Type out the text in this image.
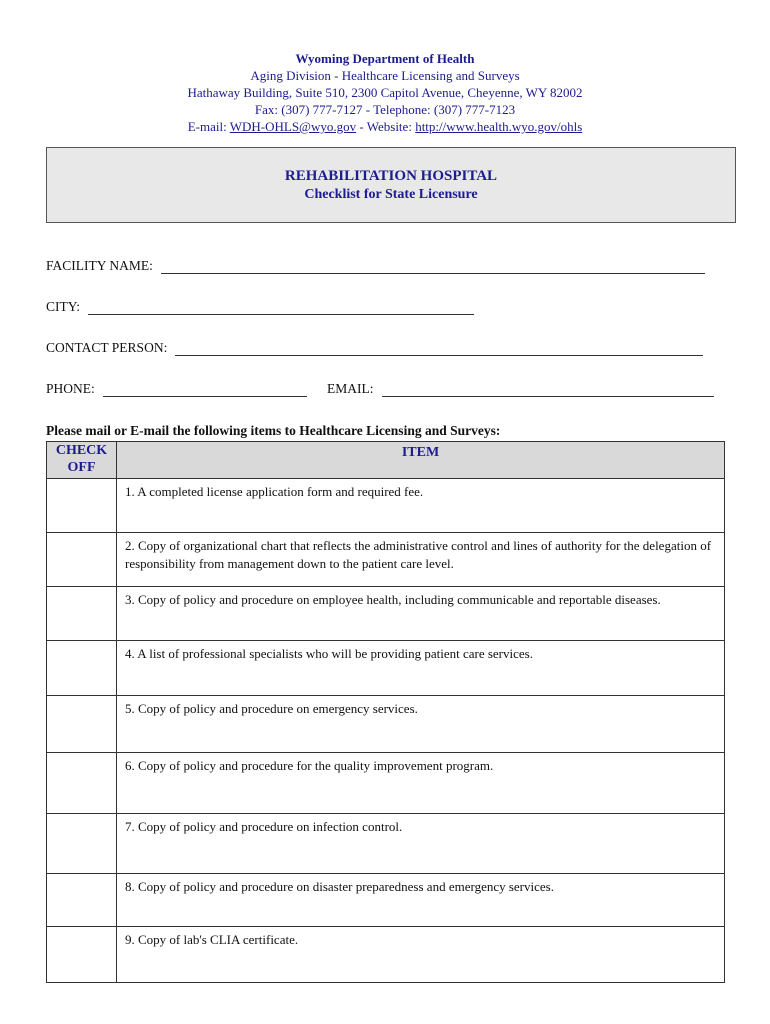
Wyoming Department of Health
Aging Division - Healthcare Licensing and Surveys
Hathaway Building, Suite 510, 2300 Capitol Avenue, Cheyenne, WY 82002
Fax: (307) 777-7127 - Telephone: (307) 777-7123
E-mail: WDH-OHLS@wyo.gov - Website: http://www.health.wyo.gov/ohls
REHABILITATION HOSPITAL
Checklist for State Licensure
FACILITY NAME:
CITY:
CONTACT PERSON:
PHONE:	EMAIL:
Please mail or E-mail the following items to Healthcare Licensing and Surveys:
CHECK OFF	ITEM
	1. A completed license application form and required fee.
	2. Copy of organizational chart that reflects the administrative control and lines of authority for the delegation of responsibility from management down to the patient care level.
	3. Copy of policy and procedure on employee health, including communicable and reportable diseases.
	4. A list of professional specialists who will be providing patient care services.
	5. Copy of policy and procedure on emergency services.
	6. Copy of policy and procedure for the quality improvement program.
	7. Copy of policy and procedure on infection control.
	8. Copy of policy and procedure on disaster preparedness and emergency services.
	9. Copy of lab's CLIA certificate.
